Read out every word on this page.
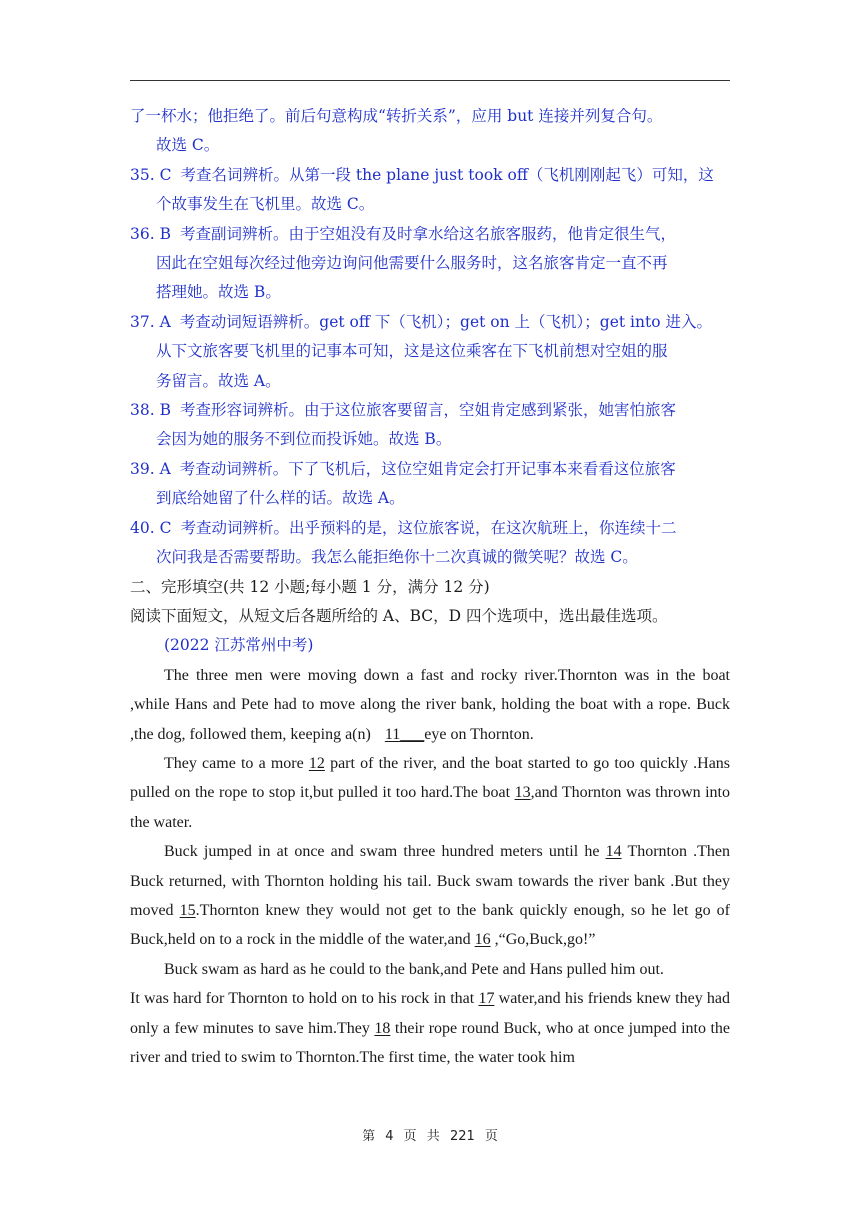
了一杯水；他拒绝了。前后句意构成“转折关系”，应用 but 连接并列复合句。
故选 C。
35. C 考查名词辨析。从第一段 the plane just took off（飞机刚刚起飞）可知，这
个故事发生在飞机里。故选 C。
36. B 考查副词辨析。由于空姐没有及时拿水给这名旅客服药，他肯定很生气，
因此在空姐每次经过他旁边询问他需要什么服务时，这名旅客肯定一直不再
搭理她。故选 B。
37. A 考查动词短语辨析。get off 下（飞机）；get on 上（飞机）；get into 进入。
从下文旅客要飞机里的记事本可知，这是这位乘客在下飞机前想对空姐的服
务留言。故选 A。
38. B 考查形容词辨析。由于这位旅客要留言，空姐肯定感到紧张，她害怕旅客
会因为她的服务不到位而投诉她。故选 B。
39. A 考查动词辨析。下了飞机后，这位空姐肯定会打开记事本来看看这位旅客
到底给她留了什么样的话。故选 A。
40. C 考查动词辨析。出乎预料的是，这位旅客说，在这次航班上，你连续十二
次问我是否需要帮助。我怎么能拒绝你十二次真诚的微笑呢？故选 C。
二、完形填空(共 12 小题;每小题 1 分，满分 12 分)
阅读下面短文，从短文后各题所给的 A、BC，D 四个选项中，选出最佳选项。
(2022 江苏常州中考)
The three men were moving down a fast and rocky river.Thornton was in the boat ,while Hans and Pete had to move along the river bank, holding the boat with a rope. Buck ,the dog, followed them, keeping a(n) 11___eye on Thornton.
They came to a more 12 part of the river, and the boat started to go too quickly .Hans pulled on the rope to stop it,but pulled it too hard.The boat 13,and Thornton was thrown into the water.
Buck jumped in at once and swam three hundred meters until he 14 Thornton .Then Buck returned, with Thornton holding his tail. Buck swam towards the river bank .But they moved 15.Thornton knew they would not get to the bank quickly enough, so he let go of Buck,held on to a rock in the middle of the water,and 16 ,“Go,Buck,go!”
Buck swam as hard as he could to the bank,and Pete and Hans pulled him out.
It was hard for Thornton to hold on to his rock in that 17 water,and his friends knew they had only a few minutes to save him.They 18 their rope round Buck, who at once jumped into the river and tried to swim to Thornton.The first time, the water took him
第 4 页 共 221 页
